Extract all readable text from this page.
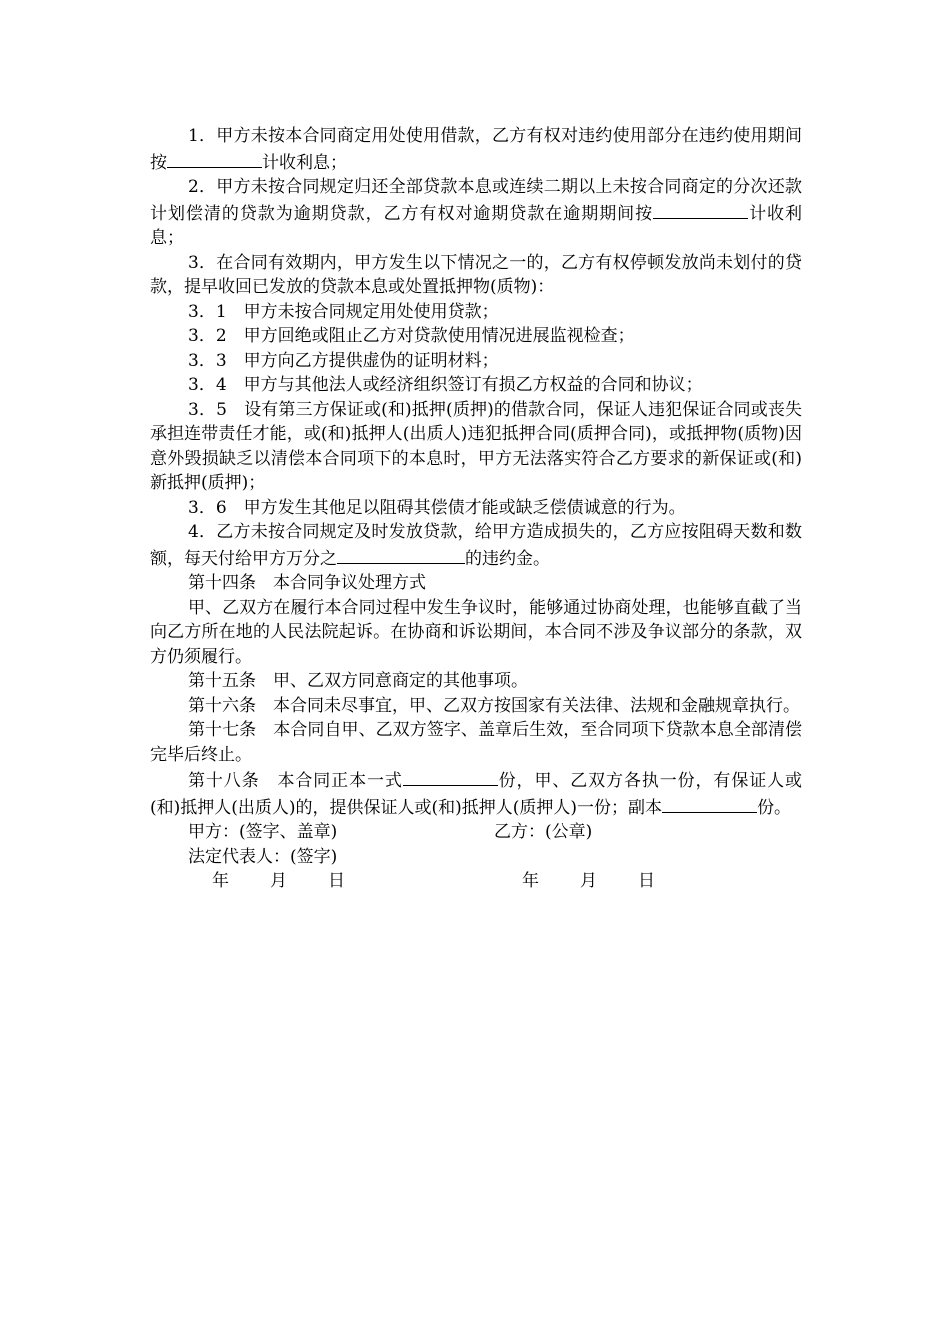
1．甲方未按本合同商定用处使用借款，乙方有权对违约使用部分在违约使用期间按	计收利息；

2．甲方未按合同规定归还全部贷款本息或连续二期以上未按合同商定的分次还款计划偿清的贷款为逾期贷款，乙方有权对逾期贷款在逾期期间按	计收利息；

3．在合同有效期内，甲方发生以下情况之一的，乙方有权停顿发放尚未划付的贷款，提早收回已发放的贷款本息或处置抵押物(质物)：

3．1　甲方未按合同规定用处使用贷款；

3．2　甲方回绝或阻止乙方对贷款使用情况进展监视检查；

3．3　甲方向乙方提供虚伪的证明材料；

3．4　甲方与其他法人或经济组织签订有损乙方权益的合同和协议；

3．5　设有第三方保证或(和)抵押(质押)的借款合同，保证人违犯保证合同或丧失承担连带责任才能，或(和)抵押人(出质人)违犯抵押合同(质押合同)，或抵押物(质物)因意外毁损缺乏以清偿本合同项下的本息时，甲方无法落实符合乙方要求的新保证或(和)新抵押(质押)；

3．6　甲方发生其他足以阻碍其偿债才能或缺乏偿债诚意的行为。

4．乙方未按合同规定及时发放贷款，给甲方造成损失的，乙方应按阻碍天数和数额，每天付给甲方万分之	的违约金。

第十四条　本合同争议处理方式

甲、乙双方在履行本合同过程中发生争议时，能够通过协商处理，也能够直截了当向乙方所在地的人民法院起诉。在协商和诉讼期间，本合同不涉及争议部分的条款，双方仍须履行。

第十五条　甲、乙双方同意商定的其他事项。

第十六条　本合同未尽事宜，甲、乙双方按国家有关法律、法规和金融规章执行。

第十七条　本合同自甲、乙双方签字、盖章后生效，至合同项下贷款本息全部清偿完毕后终止。

第十八条　本合同正本一式	份，甲、乙双方各执一份，有保证人或(和)抵押人(出质人)的，提供保证人或(和)抵押人(质押人)一份；副本	份。

甲方：(签字、盖章)	乙方：(公章)
法定代表人：(签字)
年 月 日	年 月 日
